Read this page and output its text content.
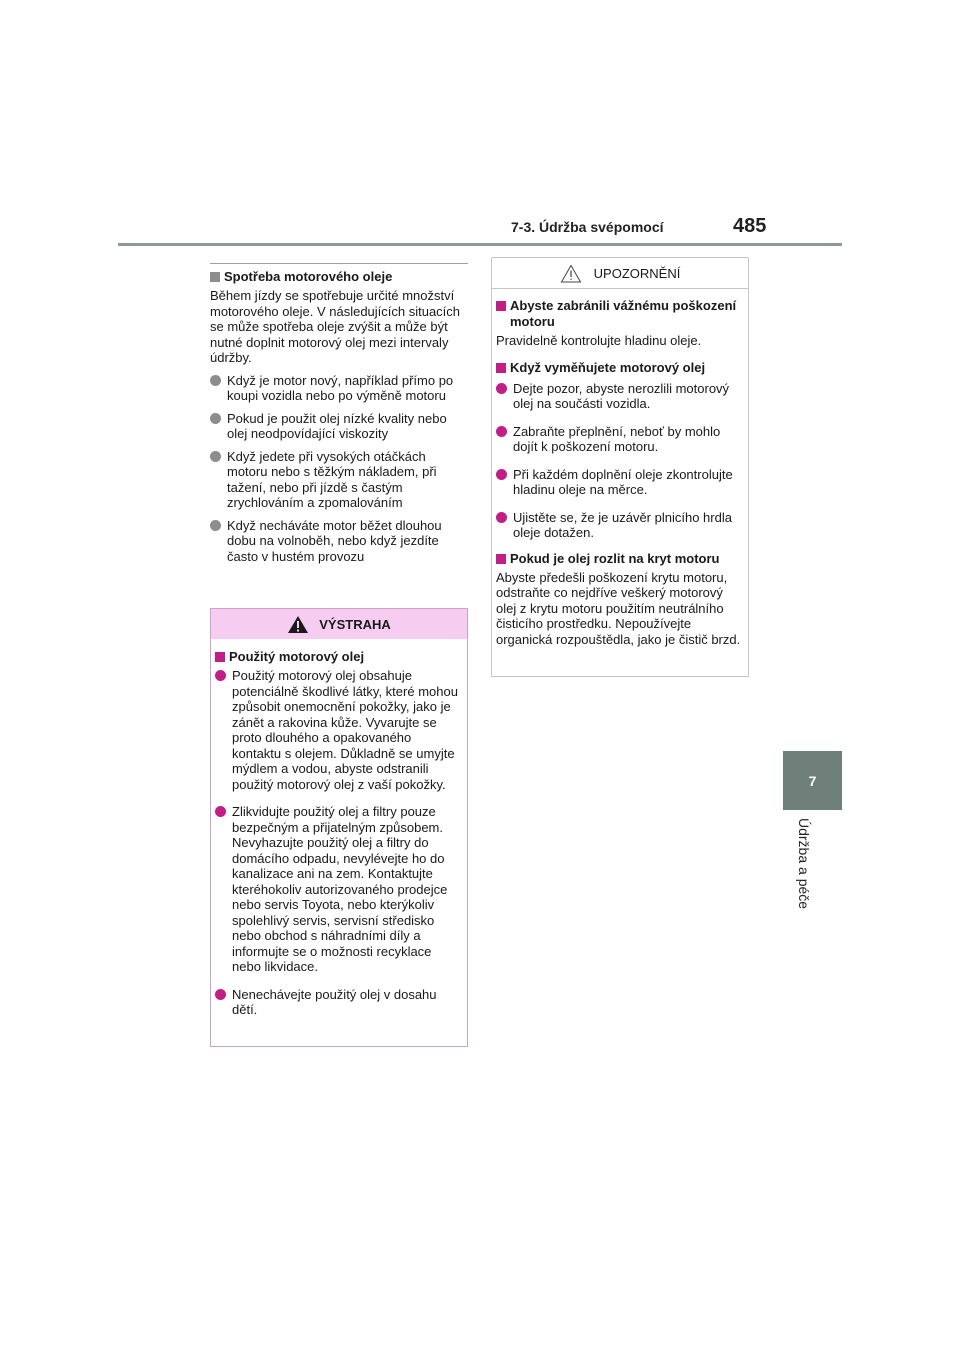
7-3. Údržba svépomocí	485
7
Údržba a péče
Spotřeba motorového oleje

Během jízdy se spotřebuje určité množství motorového oleje. V následujících situacích se může spotřeba oleje zvýšit a může být nutné doplnit motorový olej mezi intervaly údržby.

Když je motor nový, například přímo po koupi vozidla nebo po výměně motoru
Pokud je použit olej nízké kvality nebo olej neodpovídající viskozity
Když jedete při vysokých otáčkách motoru nebo s těžkým nákladem, při tažení, nebo při jízdě s častým zrychlováním a zpomalováním
Když necháváte motor běžet dlouhou dobu na volnoběh, nebo když jezdíte často v hustém provozu
VÝSTRAHA
Použitý motorový olej
Použitý motorový olej obsahuje potenciálně škodlivé látky, které mohou způsobit onemocnění pokožky, jako je zánět a rakovina kůže. Vyvarujte se proto dlouhého a opakovaného kontaktu s olejem. Důkladně se umyjte mýdlem a vodou, abyste odstranili použitý motorový olej z vaší pokožky.
Zlikvidujte použitý olej a filtry pouze bezpečným a přijatelným způsobem. Nevyhazujte použitý olej a filtry do domácího odpadu, nevylévejte ho do kanalizace ani na zem. Kontaktujte kteréhokoliv autorizovaného prodejce nebo servis Toyota, nebo kterýkoliv spolehlivý servis, servisní středisko nebo obchod s náhradními díly a informujte se o možnosti recyklace nebo likvidace.
Nenechávejte použitý olej v dosahu dětí.
UPOZORNĚNÍ
Abyste zabránili vážnému poškození motoru

Pravidelně kontrolujte hladinu oleje.

Když vyměňujete motorový olej
Dejte pozor, abyste nerozlili motorový olej na součásti vozidla.
Zabraňte přeplnění, neboť by mohlo dojít k poškození motoru.
Při každém doplnění oleje zkontrolujte hladinu oleje na měrce.
Ujistěte se, že je uzávěr plnicího hrdla oleje dotažen.
Pokud je olej rozlit na kryt motoru

Abyste předešli poškození krytu motoru, odstraňte co nejdříve veškerý motorový olej z krytu motoru použitím neutrálního čisticího prostředku. Nepoužívejte organická rozpouštědla, jako je čistič brzd.
